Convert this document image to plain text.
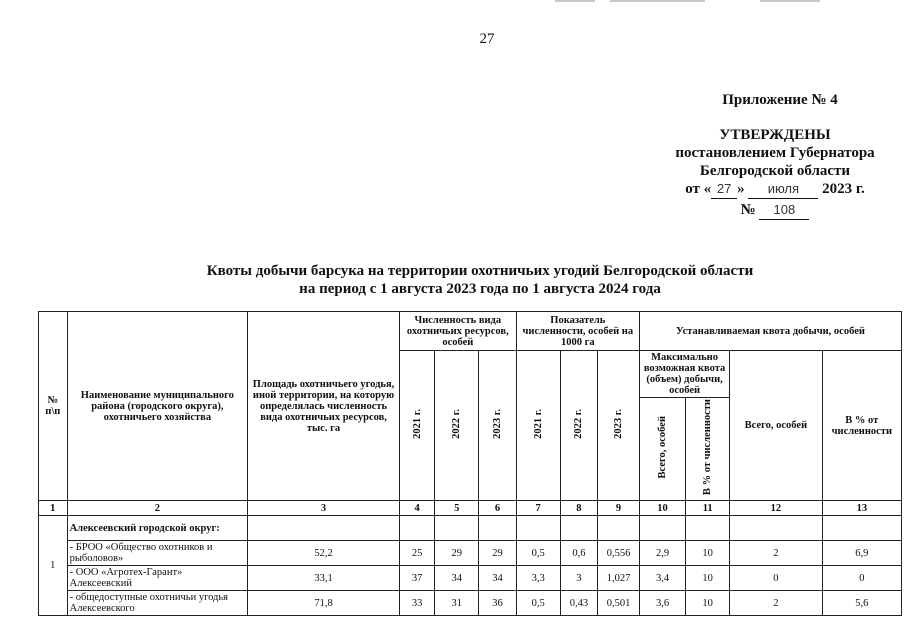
27
Приложение № 4
УТВЕРЖДЕНЫ
постановлением Губернатора
Белгородской области
от « 27 » июля 2023 г.
№ 108
Квоты добычи барсука на территории охотничьих угодий Белгородской области
на период с 1 августа 2023 года по 1 августа 2024 года
№ п\п	Наименование муниципального района (городского округа), охотничьего хозяйства	Площадь охотничьего угодья, иной территории, на которую определялась численность вида охотничьих ресурсов, тыс. га	Численность вида охотничьих ресурсов, особей			Показатель численности, особей на 1000 га			Устанавливаемая квота добычи, особей			
			2021 г.	2022 г.	2023 г.	2021 г.	2022 г.	2023 г.	Максимально возможная квота (объем) добычи, особей		Всего, особей	В % от численности
									Всего, особей	В % от численности		
1	2	3	4	5	6	7	8	9	10	11	12	13
1	Алексеевский городской округ:											
	- БРОО «Общество охотников и рыболовов»	52,2	25	29	29	0,5	0,6	0,556	2,9	10	2	6,9
	- ООО «Агротех-Гарант» Алексеевский	33,1	37	34	34	3,3	3	1,027	3,4	10	0	0
	- общедоступные охотничьи угодья Алексеевского	71,8	33	31	36	0,5	0,43	0,501	3,6	10	2	5,6
